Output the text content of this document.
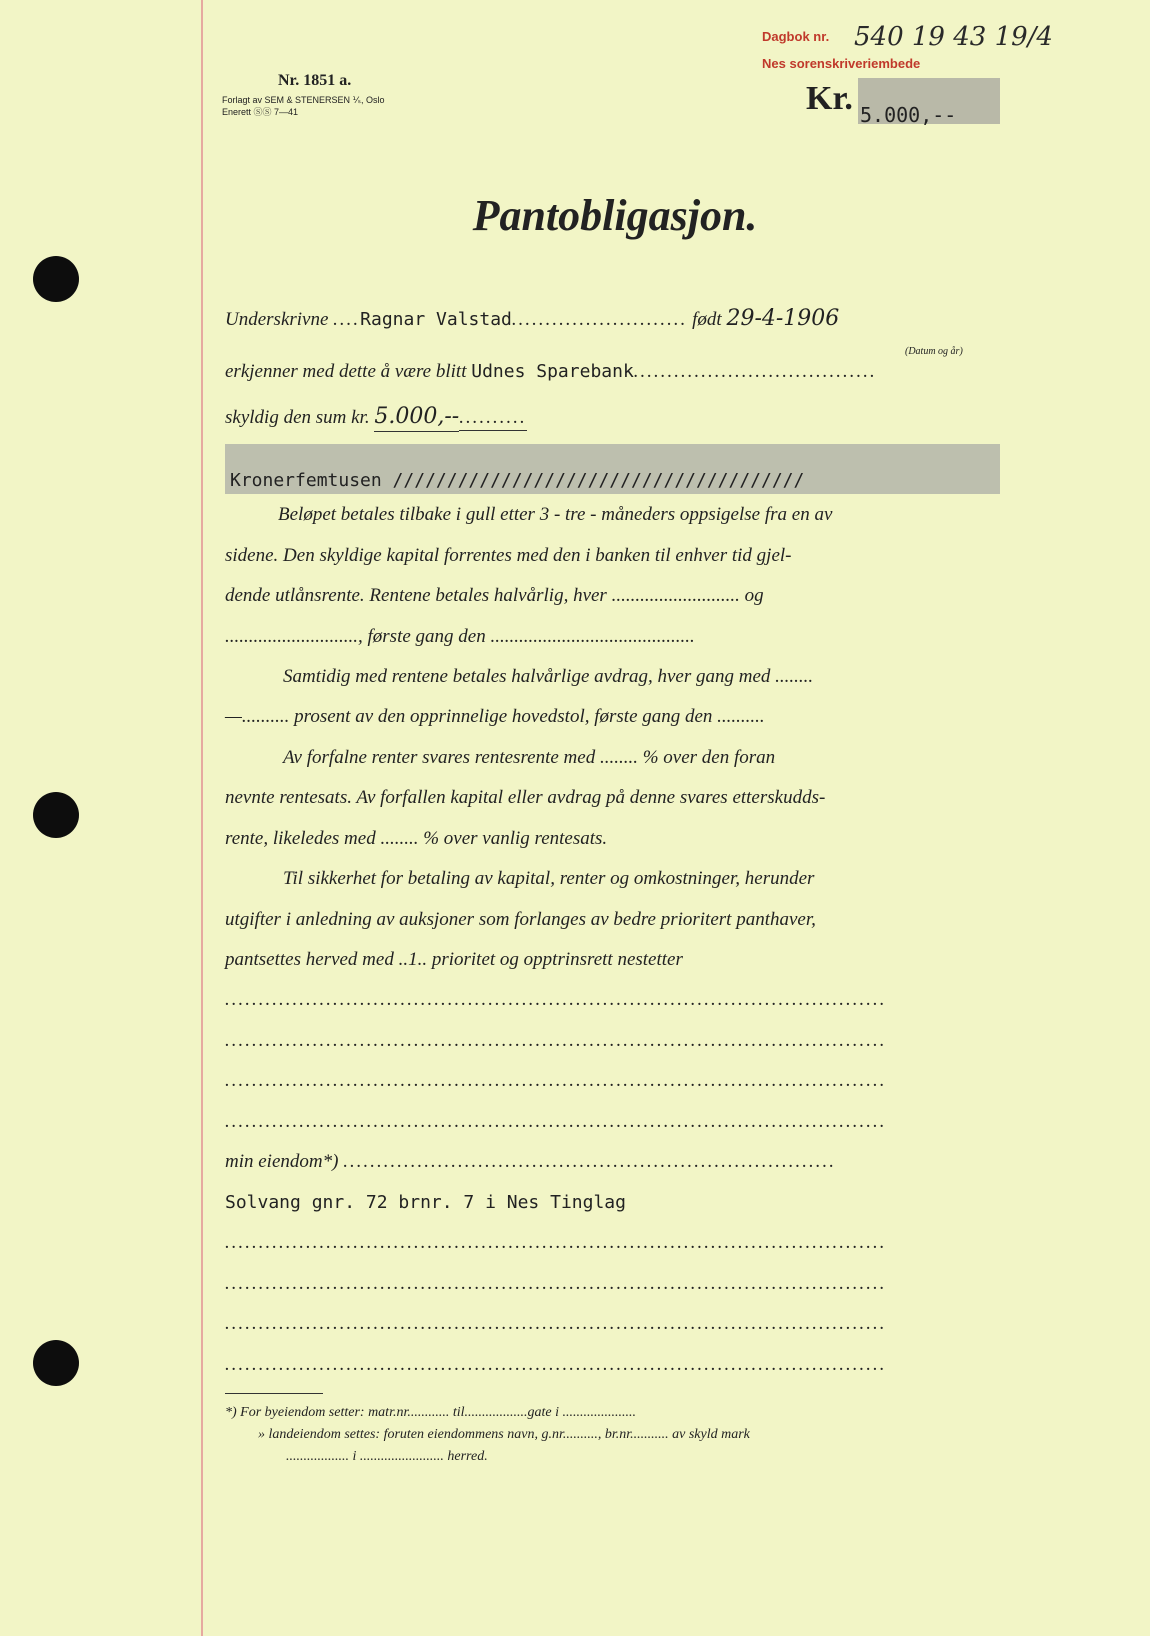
Nr. 1851 a.
Forlagt av SEM & STENERSEN ⅟ₛ, Oslo
Enerett ⓈⓈ 7—41
Dagbok nr. 540 19 43 19/4
Nes sorenskriveriembede
Kr. 5.000,--
Pantobligasjon.
Underskrivne ....Ragnar Valstad.......................... født 29-4-1906
(Datum og år)
erkjenner med dette å være blitt Udnes Sparebank....................................
skyldig den sum kr. 5.000,--..........
Kronerfemtusen //////////////////////////////////////
Beløpet betales tilbake i gull etter 3 - tre - måneders oppsigelse fra en av
sidene. Den skyldige kapital forrentes med den i banken til enhver tid gjel-
dende utlånsrente. Rentene betales halvårlig, hver ........................... og
............................, første gang den ...........................................
Samtidig med rentene betales halvårlige avdrag, hver gang med ........
—.......... prosent av den opprinnelige hovedstol, første gang den ..........
Av forfalne renter svares rentesrente med ........ % over den foran
nevnte rentesats. Av forfallen kapital eller avdrag på denne svares etterskudds-
rente, likeledes med ........ % over vanlig rentesats.
Til sikkerhet for betaling av kapital, renter og omkostninger, herunder
utgifter i anledning av auksjoner som forlanges av bedre prioritert panthaver,
pantsettes herved med ..1.. prioritet og opptrinsrett nestetter
..................................................................................................
..................................................................................................
..................................................................................................
..................................................................................................
min eiendom*) .........................................................................
Solvang gnr. 72 brnr. 7 i Nes Tinglag
..................................................................................................
..................................................................................................
..................................................................................................
..................................................................................................
*) For byeiendom setter: matr.nr............ til..................gate i .....................
» landeiendom settes: foruten eiendommens navn, g.nr.........., br.nr........... av skyld mark
.................. i ........................ herred.
